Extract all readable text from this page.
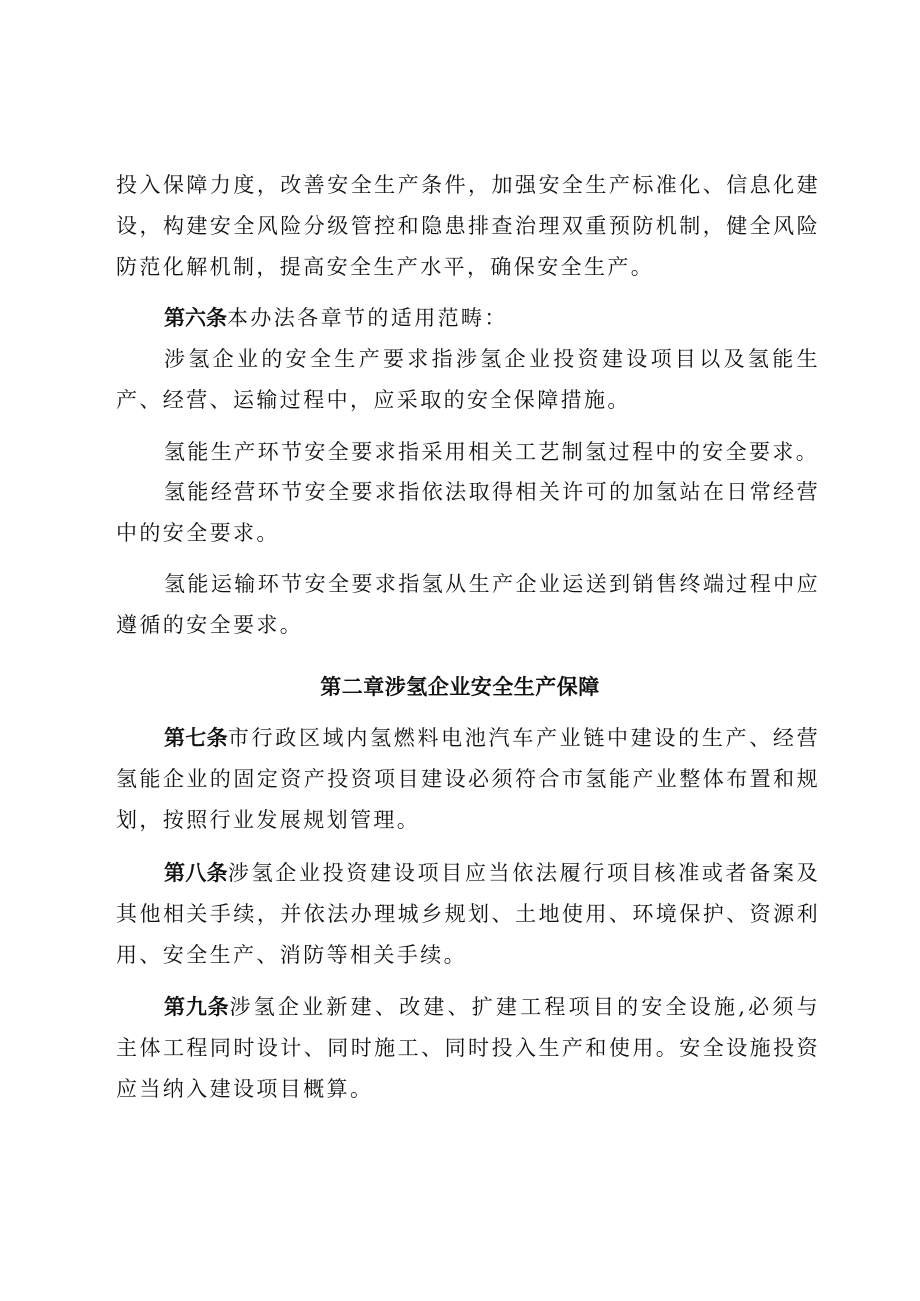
投入保障力度，改善安全生产条件，加强安全生产标准化、信息化建设，构建安全风险分级管控和隐患排查治理双重预防机制，健全风险防范化解机制，提高安全生产水平，确保安全生产。

第六条本办法各章节的适用范畴：

涉氢企业的安全生产要求指涉氢企业投资建设项目以及氢能生产、经营、运输过程中，应采取的安全保障措施。

氢能生产环节安全要求指采用相关工艺制氢过程中的安全要求。

氢能经营环节安全要求指依法取得相关许可的加氢站在日常经营中的安全要求。

氢能运输环节安全要求指氢从生产企业运送到销售终端过程中应遵循的安全要求。

第二章涉氢企业安全生产保障

第七条市行政区域内氢燃料电池汽车产业链中建设的生产、经营氢能企业的固定资产投资项目建设必须符合市氢能产业整体布置和规划，按照行业发展规划管理。

第八条涉氢企业投资建设项目应当依法履行项目核准或者备案及其他相关手续，并依法办理城乡规划、土地使用、环境保护、资源利用、安全生产、消防等相关手续。

第九条涉氢企业新建、改建、扩建工程项目的安全设施,必须与主体工程同时设计、同时施工、同时投入生产和使用。安全设施投资应当纳入建设项目概算。
